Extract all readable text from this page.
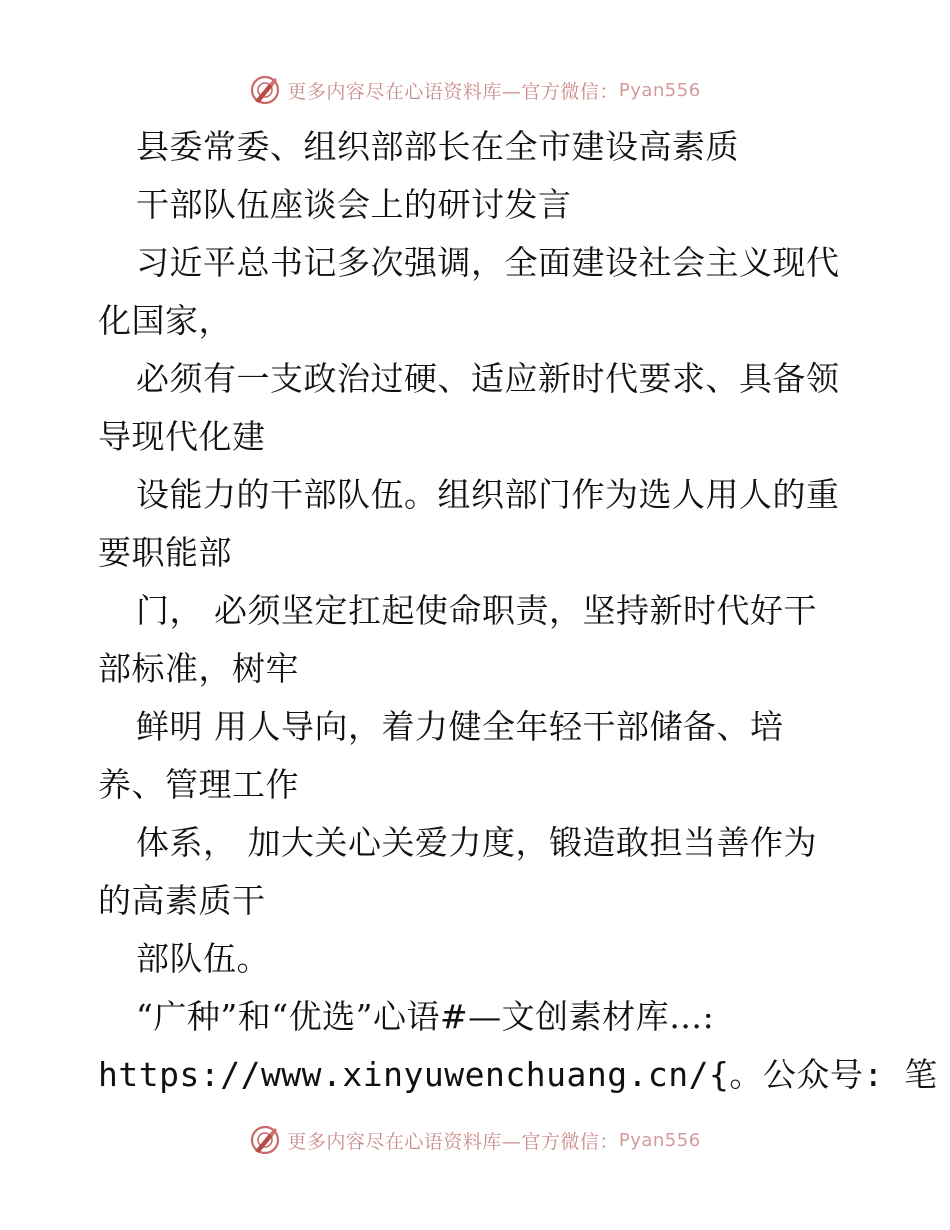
更多内容尽在心语资料库—官方微信： Pyan556
县委常委、组织部部长在全市建设高素质
干部队伍座谈会上的研讨发言
习近平总书记多次强调，全面建设社会主义现代
化国家，
必须有一支政治过硬、适应新时代要求、具备领
导现代化建
设能力的干部队伍。组织部门作为选人用人的重
要职能部
门， 必须坚定扛起使命职责，坚持新时代好干
部标准，树牢
鲜明 用人导向，着力健全年轻干部储备、培
养、管理工作
体系， 加大关心关爱力度，锻造敢担当善作为
的高素质干
部队伍。
“广种”和“优选”心语#—文创素材库…:
https://www.xinyuwenchuang.cn/{。公众号: 笔
更多内容尽在心语资料库—官方微信： Pyan556
